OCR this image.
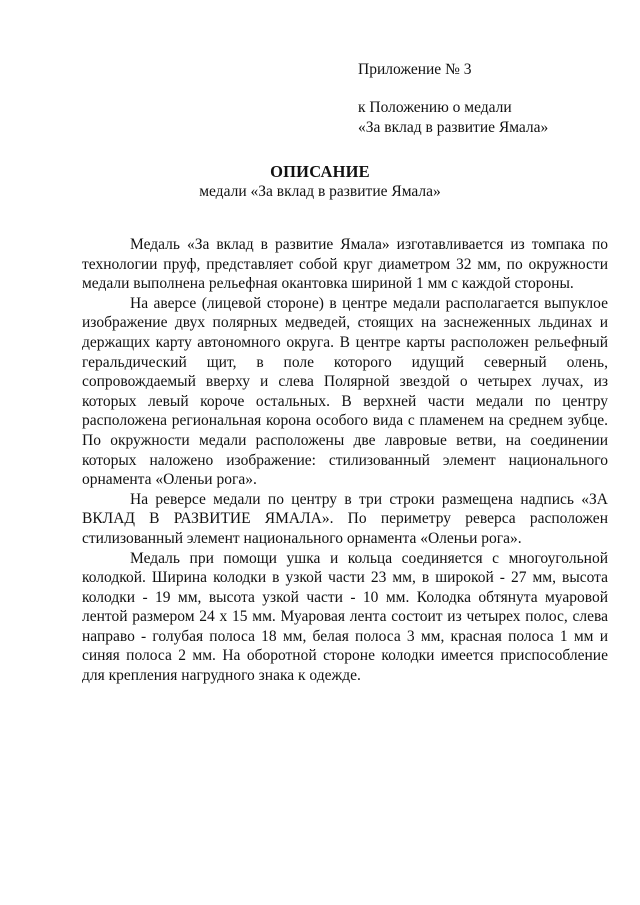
Приложение № 3

к Положению о медали

«За вклад в развитие Ямала»

ОПИСАНИЕ

медали «За вклад в развитие Ямала»

Медаль «За вклад в развитие Ямала» изготавливается из томпака по технологии пруф, представляет собой круг диаметром 32 мм, по окружности медали выполнена рельефная окантовка шириной 1 мм с каждой стороны.

На аверсе (лицевой стороне) в центре медали располагается выпуклое изображение двух полярных медведей, стоящих на заснеженных льдинах и держащих карту автономного округа. В центре карты расположен рельефный геральдический щит, в поле которого идущий северный олень, сопровождаемый вверху и слева Полярной звездой о четырех лучах, из которых левый короче остальных. В верхней части медали по центру расположена региональная корона особого вида с пламенем на среднем зубце. По окружности медали расположены две лавровые ветви, на соединении которых наложено изображение: стилизованный элемент национального орнамента «Оленьи рога».

На реверсе медали по центру в три строки размещена надпись «ЗА ВКЛАД В РАЗВИТИЕ ЯМАЛА». По периметру реверса расположен стилизованный элемент национального орнамента «Оленьи рога».

Медаль при помощи ушка и кольца соединяется с многоугольной колодкой. Ширина колодки в узкой части 23 мм, в широкой - 27 мм, высота колодки - 19 мм, высота узкой части - 10 мм. Колодка обтянута муаровой лентой размером 24 х 15 мм. Муаровая лента состоит из четырех полос, слева направо - голубая полоса 18 мм, белая полоса 3 мм, красная полоса 1 мм и синяя полоса 2 мм. На оборотной стороне колодки имеется приспособление для крепления нагрудного знака к одежде.
